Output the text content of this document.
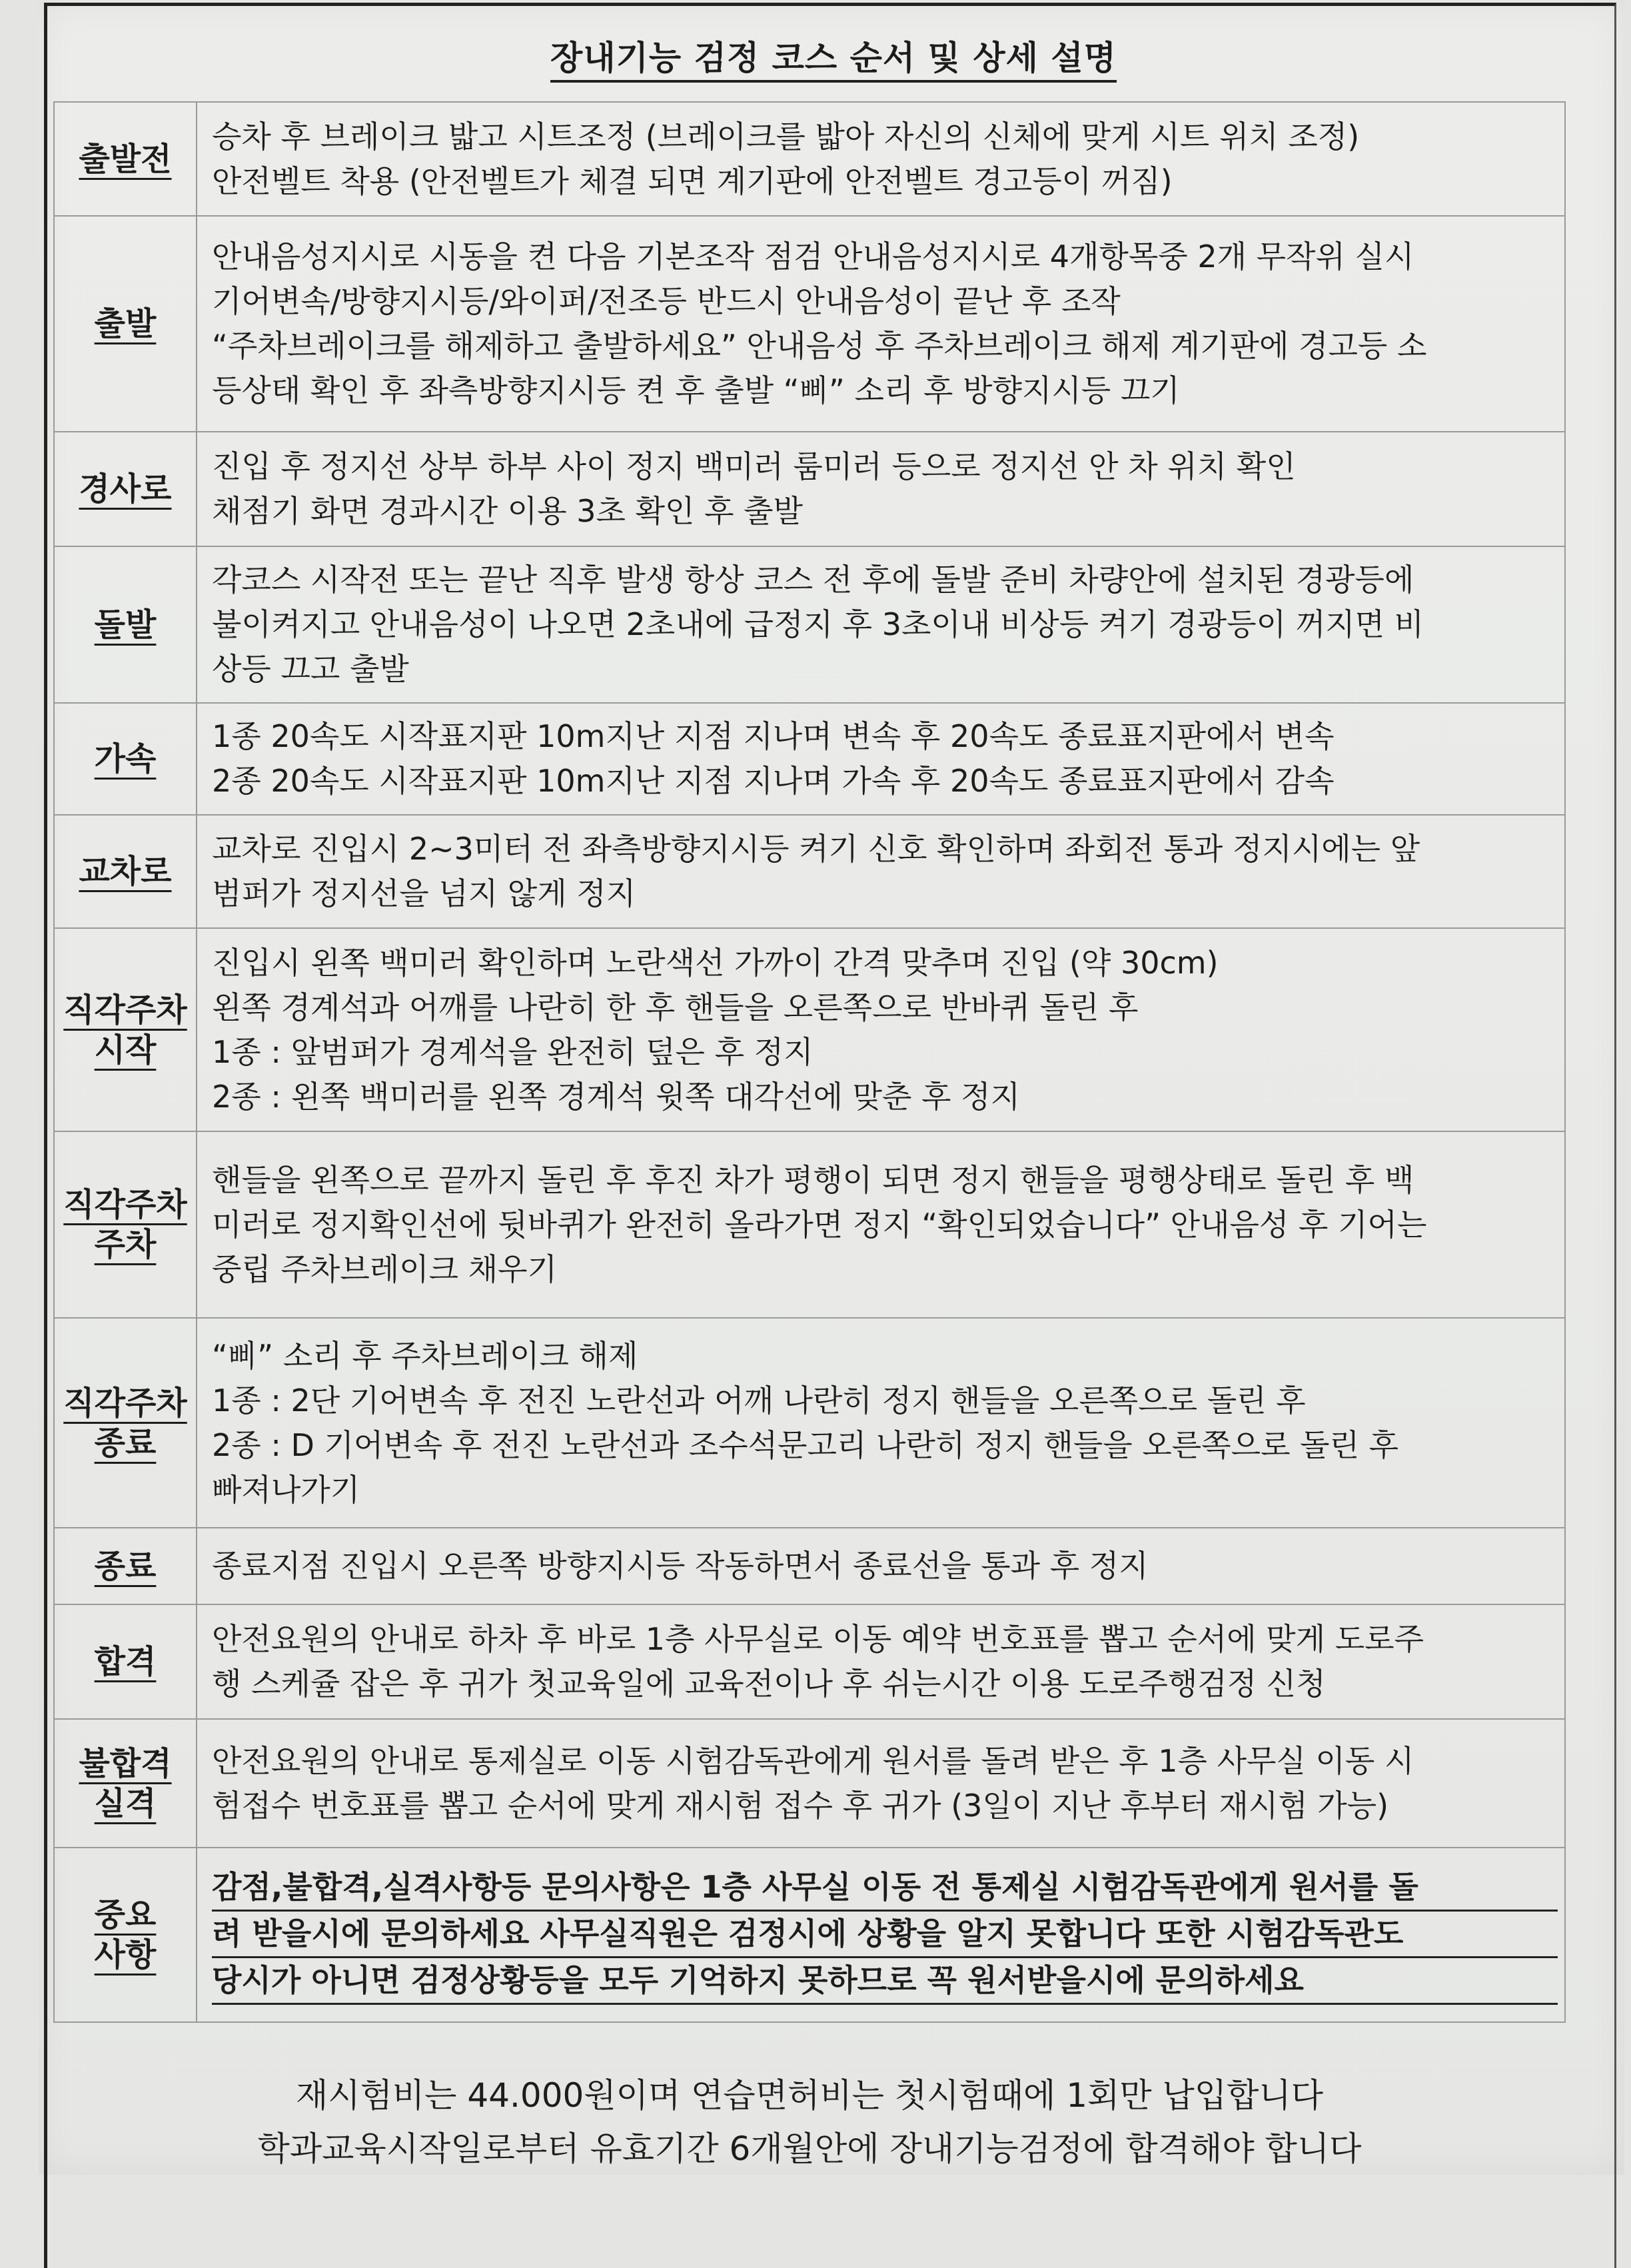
장내기능 검정 코스 순서 및 상세 설명
출발전	승차 후 브레이크 밟고 시트조정 (브레이크를 밟아 자신의 신체에 맞게 시트 위치 조정)
안전벨트 착용 (안전벨트가 체결 되면 계기판에 안전벨트 경고등이 꺼짐)
출발	안내음성지시로 시동을 켠 다음 기본조작 점검 안내음성지시로 4개항목중 2개 무작위 실시
기어변속/방향지시등/와이퍼/전조등 반드시 안내음성이 끝난 후 조작
“주차브레이크를 해제하고 출발하세요” 안내음성 후 주차브레이크 해제 계기판에 경고등 소
등상태 확인 후 좌측방향지시등 켠 후 출발 “삐” 소리 후 방향지시등 끄기
경사로	진입 후 정지선 상부 하부 사이 정지 백미러 룸미러 등으로 정지선 안 차 위치 확인
채점기 화면 경과시간 이용 3초 확인 후 출발
돌발	각코스 시작전 또는 끝난 직후 발생 항상 코스 전 후에 돌발 준비 차량안에 설치된 경광등에
불이켜지고 안내음성이 나오면 2초내에 급정지 후 3초이내 비상등 켜기 경광등이 꺼지면 비
상등 끄고 출발
가속	1종 20속도 시작표지판 10m지난 지점 지나며 변속 후 20속도 종료표지판에서 변속
2종 20속도 시작표지판 10m지난 지점 지나며 가속 후 20속도 종료표지판에서 감속
교차로	교차로 진입시 2~3미터 전 좌측방향지시등 켜기 신호 확인하며 좌회전 통과 정지시에는 앞
범퍼가 정지선을 넘지 않게 정지
직각주차
시작	진입시 왼쪽 백미러 확인하며 노란색선 가까이 간격 맞추며 진입 (약 30cm)
왼쪽 경계석과 어깨를 나란히 한 후 핸들을 오른쪽으로 반바퀴 돌린 후
1종 : 앞범퍼가 경계석을 완전히 덮은 후 정지
2종 : 왼쪽 백미러를 왼쪽 경계석 윗쪽 대각선에 맞춘 후 정지
직각주차
주차	핸들을 왼쪽으로 끝까지 돌린 후 후진 차가 평행이 되면 정지 핸들을 평행상태로 돌린 후 백
미러로 정지확인선에 뒷바퀴가 완전히 올라가면 정지 “확인되었습니다” 안내음성 후 기어는
중립 주차브레이크 채우기
직각주차
종료	“삐” 소리 후 주차브레이크 해제
1종 : 2단 기어변속 후 전진 노란선과 어깨 나란히 정지 핸들을 오른쪽으로 돌린 후
2종 : D 기어변속 후 전진 노란선과 조수석문고리 나란히 정지 핸들을 오른쪽으로 돌린 후
빠져나가기
종료	종료지점 진입시 오른쪽 방향지시등 작동하면서 종료선을 통과 후 정지
합격	안전요원의 안내로 하차 후 바로 1층 사무실로 이동 예약 번호표를 뽑고 순서에 맞게 도로주
행 스케쥴 잡은 후 귀가 첫교육일에 교육전이나 후 쉬는시간 이용 도로주행검정 신청
불합격
실격	안전요원의 안내로 통제실로 이동 시험감독관에게 원서를 돌려 받은 후 1층 사무실 이동 시
험접수 번호표를 뽑고 순서에 맞게 재시험 접수 후 귀가 (3일이 지난 후부터 재시험 가능)
중요
사항	감점,불합격,실격사항등 문의사항은 1층 사무실 이동 전 통제실 시험감독관에게 원서를 돌
려 받을시에 문의하세요 사무실직원은 검정시에 상황을 알지 못합니다 또한 시험감독관도
당시가 아니면 검정상황등을 모두 기억하지 못하므로 꼭 원서받을시에 문의하세요

재시험비는 44.000원이며 연습면허비는 첫시험때에 1회만 납입합니다

학과교육시작일로부터 유효기간 6개월안에 장내기능검정에 합격해야 합니다
